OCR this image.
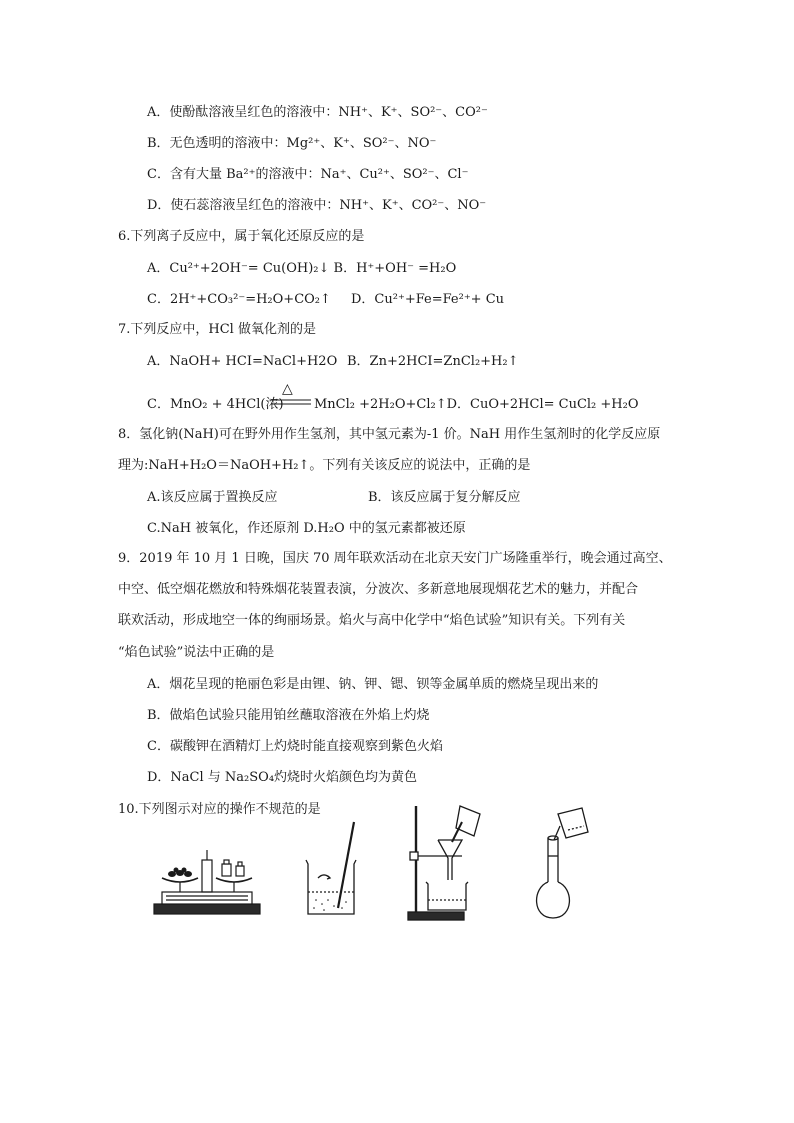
A．使酚酞溶液呈红色的溶液中：NH⁺、K⁺、SO²⁻、CO²⁻
B．无色透明的溶液中：Mg²⁺、K⁺、SO²⁻、NO⁻
C．含有大量 Ba²⁺的溶液中：Na⁺、Cu²⁺、SO²⁻、Cl⁻
D．使石蕊溶液呈红色的溶液中：NH⁺、K⁺、CO²⁻、NO⁻
6.下列离子反应中，属于氧化还原反应的是
A．Cu²⁺+2OH⁻= Cu(OH)₂↓ B．H⁺+OH⁻ =H₂O
C．2H⁺+CO₃²⁻=H₂O+CO₂↑ D．Cu²⁺+Fe=Fe²⁺+ Cu
7.下列反应中，HCl 做氧化剂的是
A．NaOH+ HCI=NaCl+H2O B．Zn+2HCI=ZnCl₂+H₂↑
△
C．MnO₂ + 4HCl(浓) MnCl₂ +2H₂O+Cl₂↑D．CuO+2HCl= CuCl₂ +H₂O
8．氢化钠(NaH)可在野外用作生氢剂，其中氢元素为-1 价。NaH 用作生氢剂时的化学反应原
理为:NaH+H₂O＝NaOH+H₂↑。下列有关该反应的说法中，正确的是
A.该反应属于置换反应	B．该反应属于复分解反应
C.NaH 被氧化，作还原剂 D.H₂O 中的氢元素都被还原
9．2019 年 10 月 1 日晚，国庆 70 周年联欢活动在北京天安门广场隆重举行，晚会通过高空、
中空、低空烟花燃放和特殊烟花装置表演，分波次、多新意地展现烟花艺术的魅力，并配合
联欢活动，形成地空一体的绚丽场景。焰火与高中化学中“焰色试验”知识有关。下列有关
“焰色试验”说法中正确的是
A．烟花呈现的艳丽色彩是由锂、钠、钾、锶、钡等金属单质的燃烧呈现出来的
B．做焰色试验只能用铂丝蘸取溶液在外焰上灼烧
C．碳酸钾在酒精灯上灼烧时能直接观察到紫色火焰
D．NaCl 与 Na₂SO₄灼烧时火焰颜色均为黄色
10.下列图示对应的操作不规范的是
